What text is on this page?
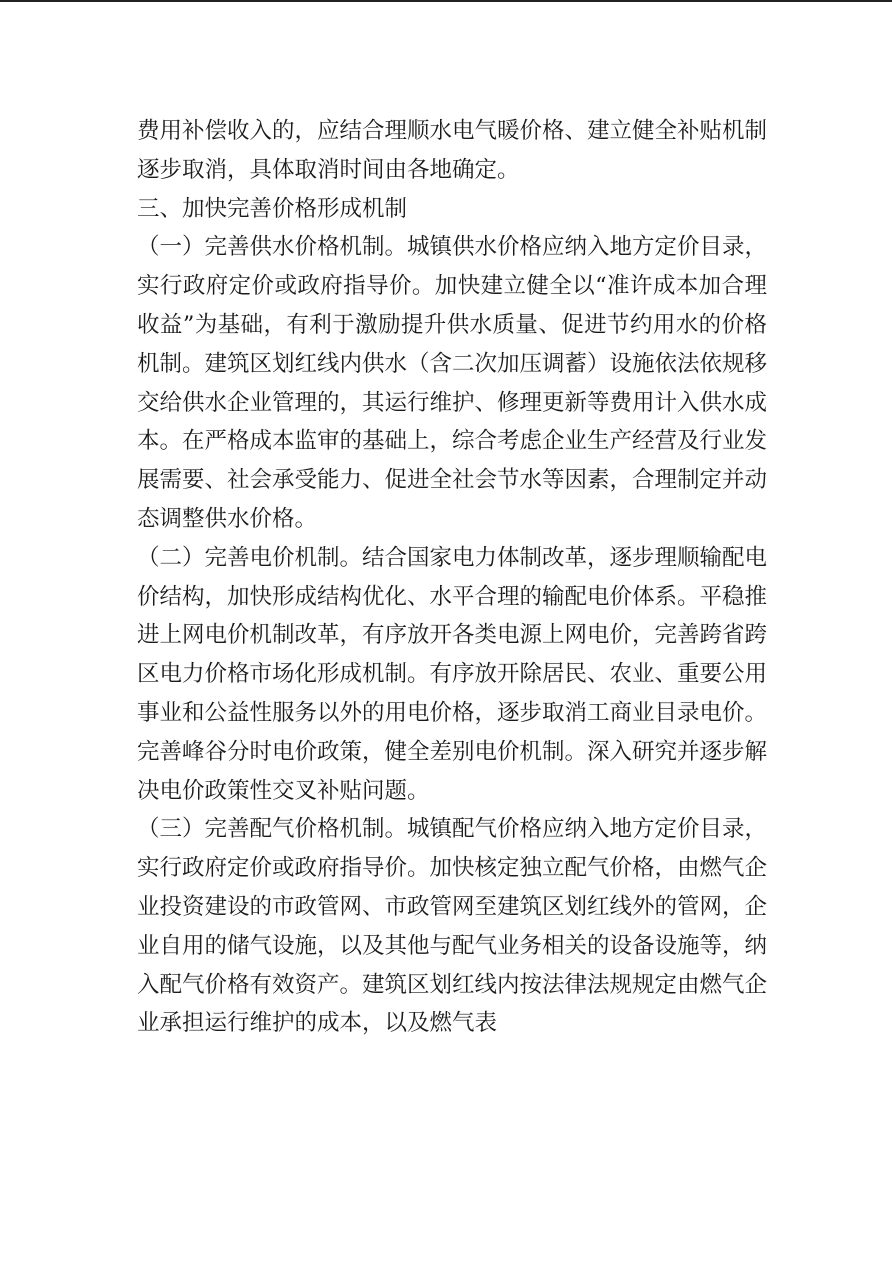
费用补偿收入的，应结合理顺水电气暖价格、建立健全补贴机制逐步取消，具体取消时间由各地确定。

三、加快完善价格形成机制

（一）完善供水价格机制。城镇供水价格应纳入地方定价目录，实行政府定价或政府指导价。加快建立健全以“准许成本加合理收益”为基础，有利于激励提升供水质量、促进节约用水的价格机制。建筑区划红线内供水（含二次加压调蓄）设施依法依规移交给供水企业管理的，其运行维护、修理更新等费用计入供水成本。在严格成本监审的基础上，综合考虑企业生产经营及行业发展需要、社会承受能力、促进全社会节水等因素，合理制定并动态调整供水价格。

（二）完善电价机制。结合国家电力体制改革，逐步理顺输配电价结构，加快形成结构优化、水平合理的输配电价体系。平稳推进上网电价机制改革，有序放开各类电源上网电价，完善跨省跨区电力价格市场化形成机制。有序放开除居民、农业、重要公用事业和公益性服务以外的用电价格，逐步取消工商业目录电价。完善峰谷分时电价政策，健全差别电价机制。深入研究并逐步解决电价政策性交叉补贴问题。

（三）完善配气价格机制。城镇配气价格应纳入地方定价目录，实行政府定价或政府指导价。加快核定独立配气价格，由燃气企业投资建设的市政管网、市政管网至建筑区划红线外的管网，企业自用的储气设施，以及其他与配气业务相关的设备设施等，纳入配气价格有效资产。建筑区划红线内按法律法规规定由燃气企业承担运行维护的成本，以及燃气表
